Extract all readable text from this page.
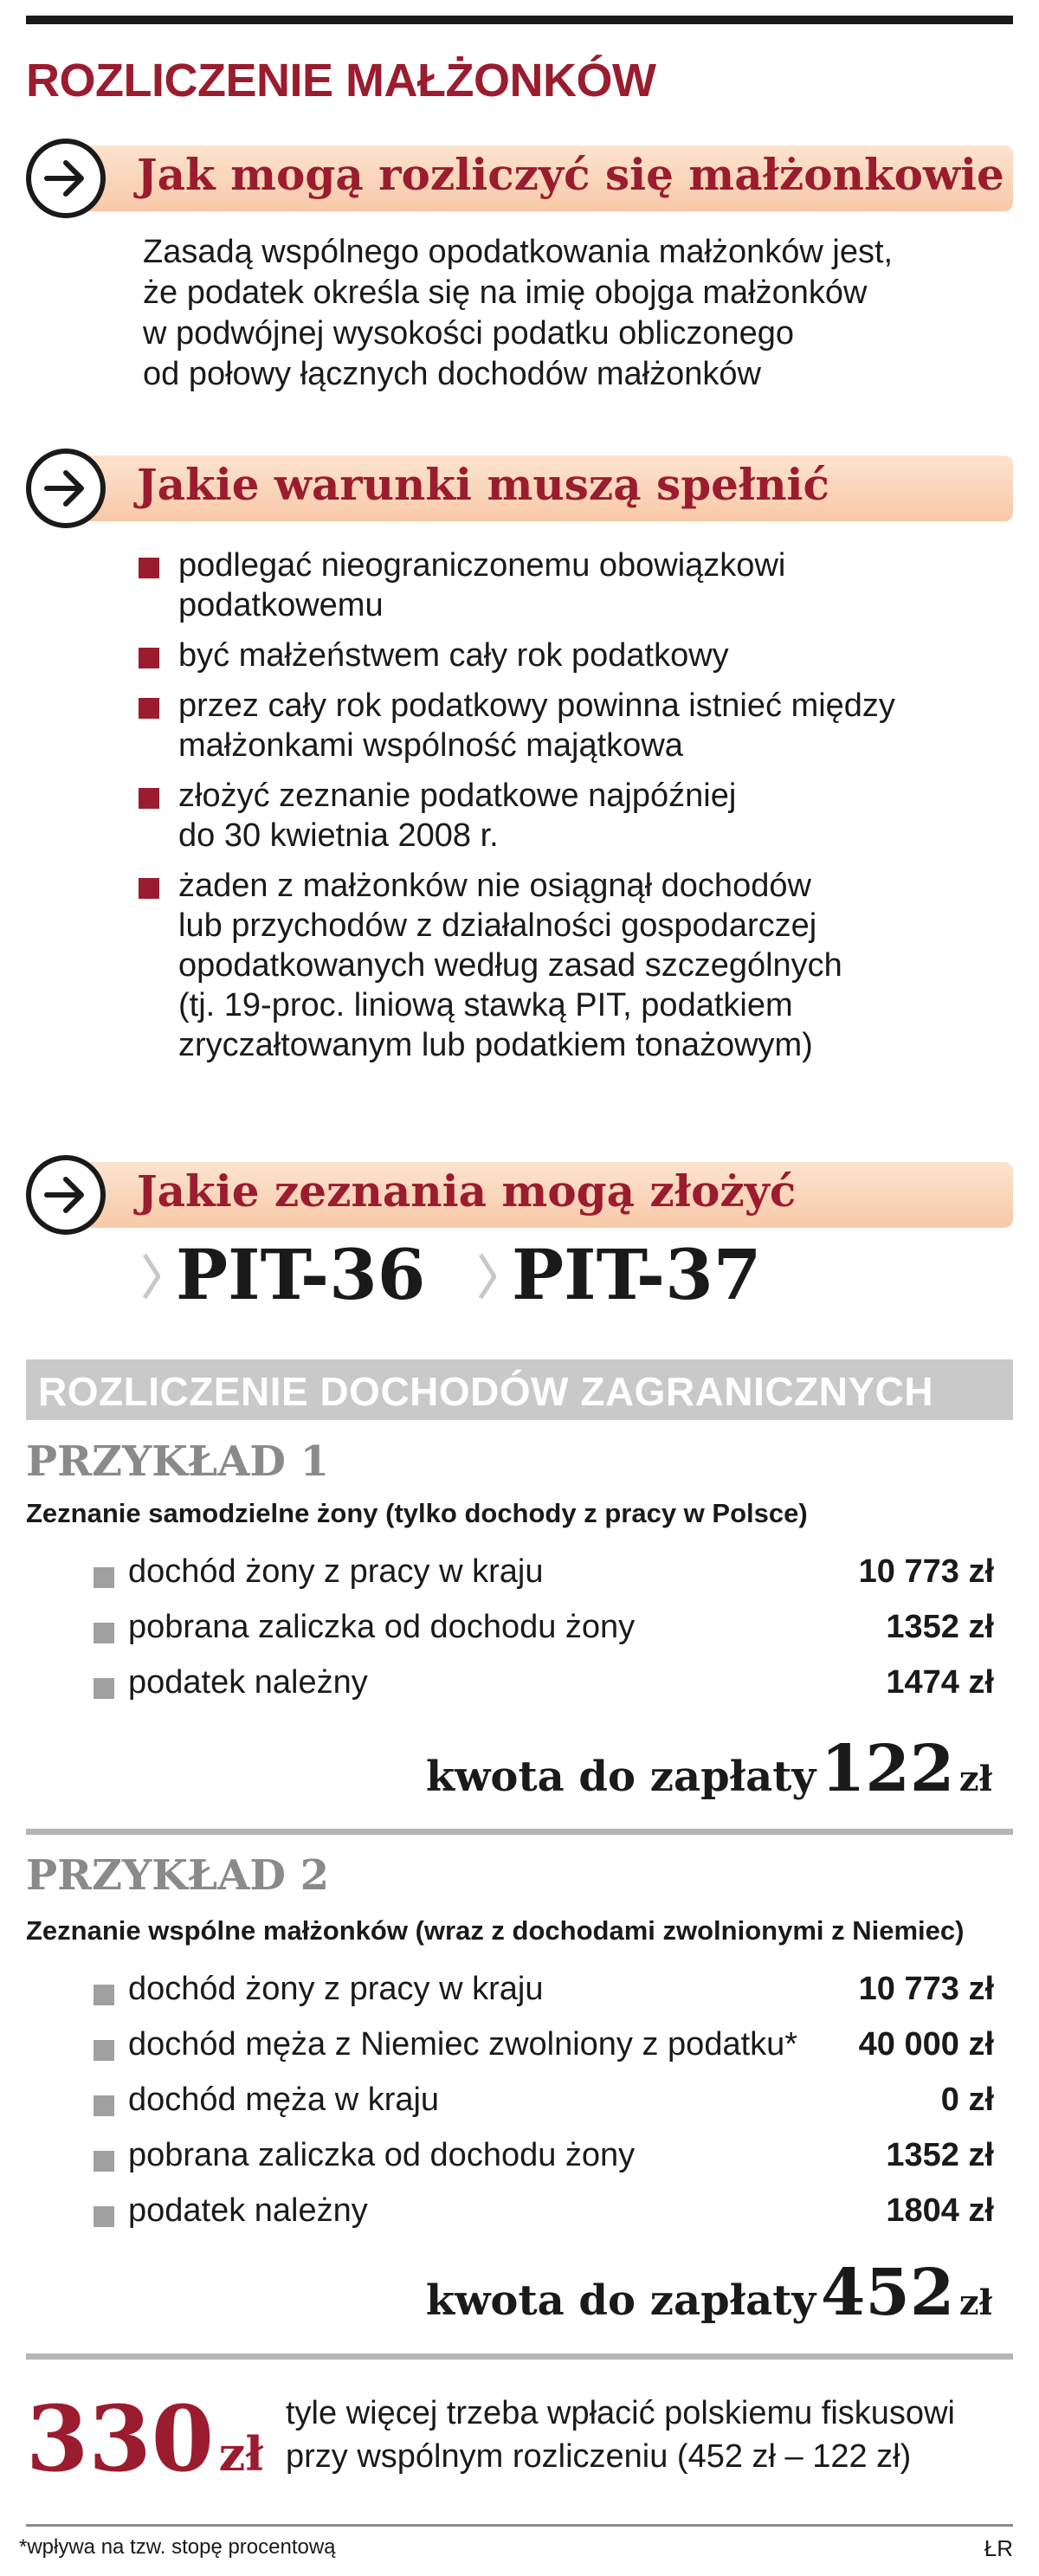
ROZLICZENIE MAŁŻONKÓW
Jak mogą rozliczyć się małżonkowie
Zasadą wspólnego opodatkowania małżonków jest,
że podatek określa się na imię obojga małżonków
w podwójnej wysokości podatku obliczonego
od połowy łącznych dochodów małżonków
Jakie warunki muszą spełnić
podlegać nieograniczonemu obowiązkowi
podatkowemu
być małżeństwem cały rok podatkowy
przez cały rok podatkowy powinna istnieć między
małżonkami wspólność majątkowa
złożyć zeznanie podatkowe najpóźniej
do 30 kwietnia 2008 r.
żaden z małżonków nie osiągnął dochodów
lub przychodów z działalności gospodarczej
opodatkowanych według zasad szczególnych
(tj. 19-proc. liniową stawką PIT, podatkiem
zryczałtowanym lub podatkiem tonażowym)
Jakie zeznania mogą złożyć
PIT-36 PIT-37
ROZLICZENIE DOCHODÓW ZAGRANICZNYCH
PRZYKŁAD 1
Zeznanie samodzielne żony (tylko dochody z pracy w Polsce)
dochód żony z pracy w kraju	10 773 zł
pobrana zaliczka od dochodu żony	1352 zł
podatek należny	1474 zł
kwota do zapłaty 122 zł
PRZYKŁAD 2
Zeznanie wspólne małżonków (wraz z dochodami zwolnionymi z Niemiec)
dochód żony z pracy w kraju	10 773 zł
dochód męża z Niemiec zwolniony z podatku* 40 000 zł
dochód męża w kraju	0 zł
pobrana zaliczka od dochodu żony	1352 zł
podatek należny	1804 zł
kwota do zapłaty 452 zł
330 zł
tyle więcej trzeba wpłacić polskiemu fiskusowi
przy wspólnym rozliczeniu (452 zł – 122 zł)
*wpływa na tzw. stopę procentową	ŁR
